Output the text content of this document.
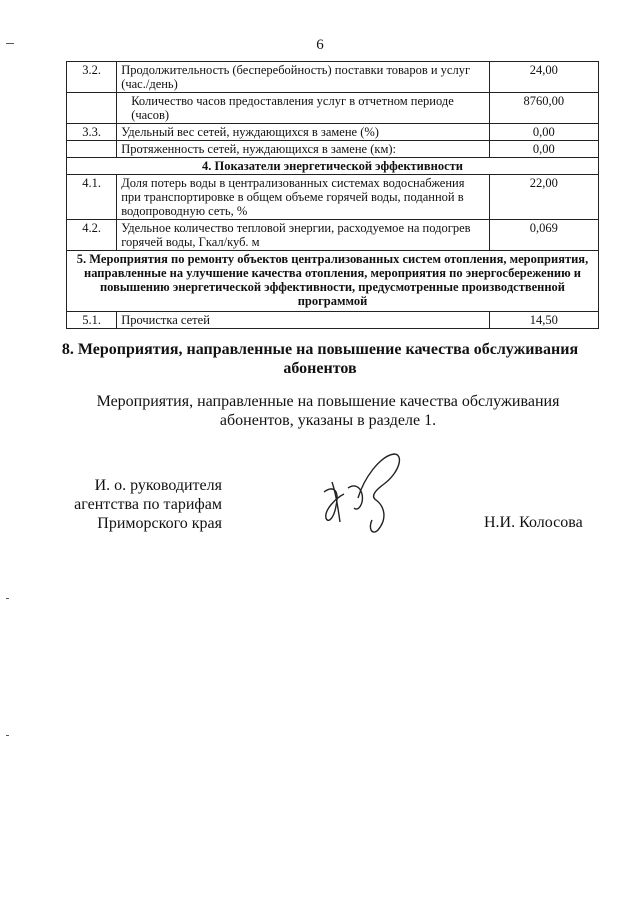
6
3.2.	Продолжительность (бесперебойность) поставки товаров и услуг (час./день)	24,00
	Количество часов предоставления услуг в отчетном периоде (часов)	8760,00
3.3.	Удельный вес сетей, нуждающихся в замене (%)	0,00
	Протяженность сетей, нуждающихся в замене (км):	0,00
4. Показатели энергетической эффективности		
4.1.	Доля потерь воды в централизованных системах водоснабжения при транспортировке в общем объеме горячей воды, поданной в водопроводную сеть, %	22,00
4.2.	Удельное количество тепловой энергии, расходуемое на подогрев горячей воды, Гкал/куб. м	0,069
5. Мероприятия по ремонту объектов централизованных систем отопления, мероприятия, направленные на улучшение качества отопления, мероприятия по энергосбережению и повышению энергетической эффективности, предусмотренные производственной программой		
5.1.	Прочистка сетей	14,50
8. Мероприятия, направленные на повышение качества обслуживания абонентов
Мероприятия, направленные на повышение качества обслуживания абонентов, указаны в разделе 1.
И. о. руководителя
агентства по тарифам
Приморского края	Н.И. Колосова
